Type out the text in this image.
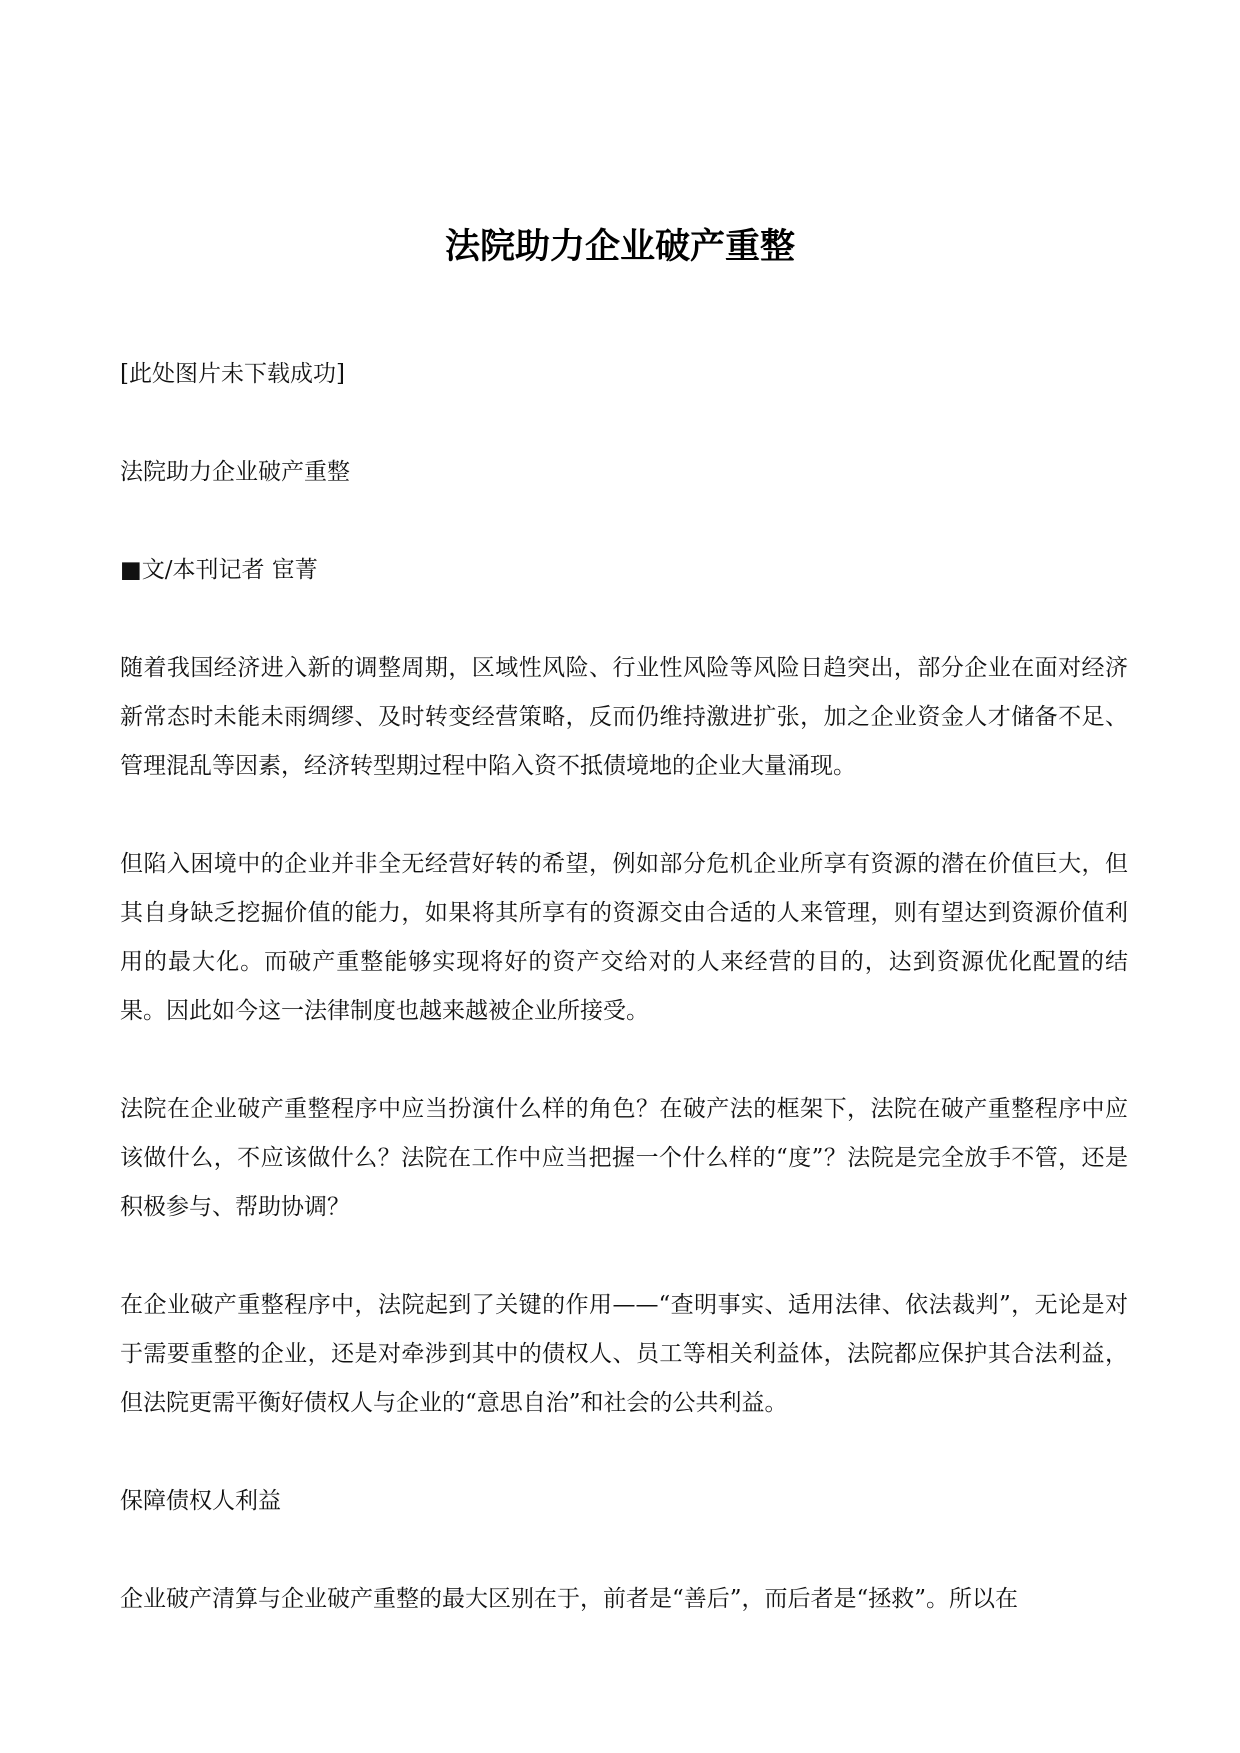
法院助力企业破产重整

[此处图片未下载成功]

法院助力企业破产重整

■文/本刊记者 宦菁

随着我国经济进入新的调整周期，区域性风险、行业性风险等风险日趋突出，部分企业在面对经济新常态时未能未雨绸缪、及时转变经营策略，反而仍维持激进扩张，加之企业资金人才储备不足、管理混乱等因素，经济转型期过程中陷入资不抵债境地的企业大量涌现。

但陷入困境中的企业并非全无经营好转的希望，例如部分危机企业所享有资源的潜在价值巨大，但其自身缺乏挖掘价值的能力，如果将其所享有的资源交由合适的人来管理，则有望达到资源价值利用的最大化。而破产重整能够实现将好的资产交给对的人来经营的目的，达到资源优化配置的结果。因此如今这一法律制度也越来越被企业所接受。

法院在企业破产重整程序中应当扮演什么样的角色？在破产法的框架下，法院在破产重整程序中应该做什么，不应该做什么？法院在工作中应当把握一个什么样的“度”？法院是完全放手不管，还是积极参与、帮助协调？

在企业破产重整程序中，法院起到了关键的作用——“查明事实、适用法律、依法裁判”，无论是对于需要重整的企业，还是对牵涉到其中的债权人、员工等相关利益体，法院都应保护其合法利益，但法院更需平衡好债权人与企业的“意思自治”和社会的公共利益。

保障债权人利益

企业破产清算与企业破产重整的最大区别在于，前者是“善后”，而后者是“拯救”。所以在
